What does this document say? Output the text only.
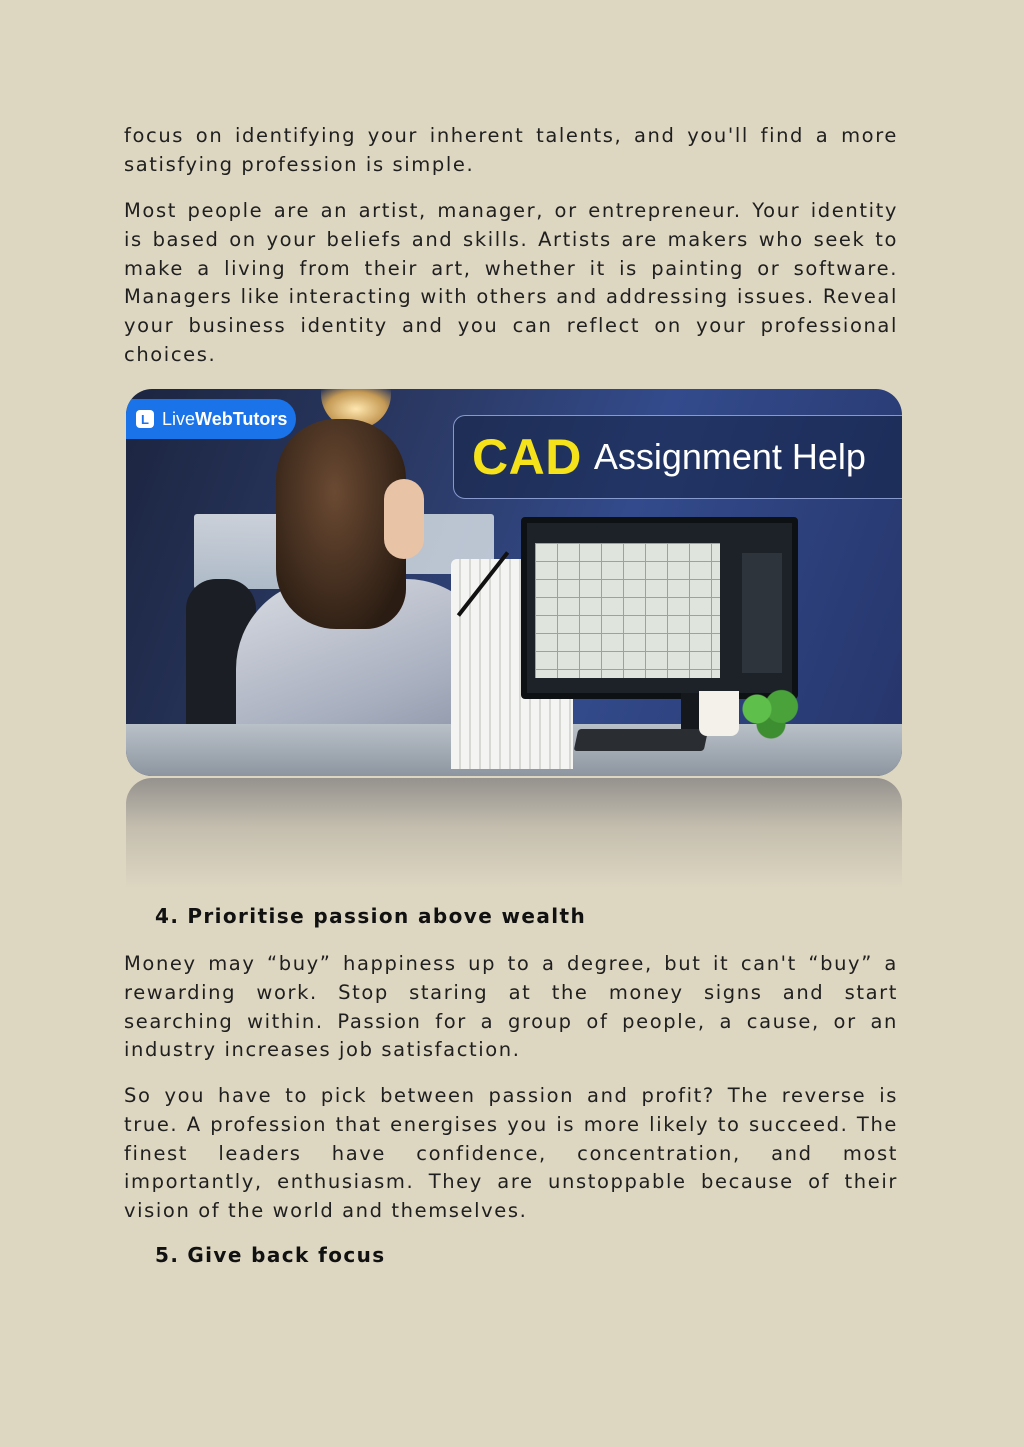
focus on identifying your inherent talents, and you'll find a more satisfying profession is simple.

Most people are an artist, manager, or entrepreneur. Your identity is based on your beliefs and skills. Artists are makers who seek to make a living from their art, whether it is painting or software. Managers like interacting with others and addressing issues. Reveal your business identity and you can reflect on your professional choices.

4. Prioritise passion above wealth

Money may “buy” happiness up to a degree, but it can't “buy” a rewarding work. Stop staring at the money signs and start searching within. Passion for a group of people, a cause, or an industry increases job satisfaction.

So you have to pick between passion and profit? The reverse is true. A profession that energises you is more likely to succeed. The finest leaders have confidence, concentration, and most importantly, enthusiasm. They are unstoppable because of their vision of the world and themselves.

5. Give back focus
L LiveWebTutors
CAD Assignment Help
